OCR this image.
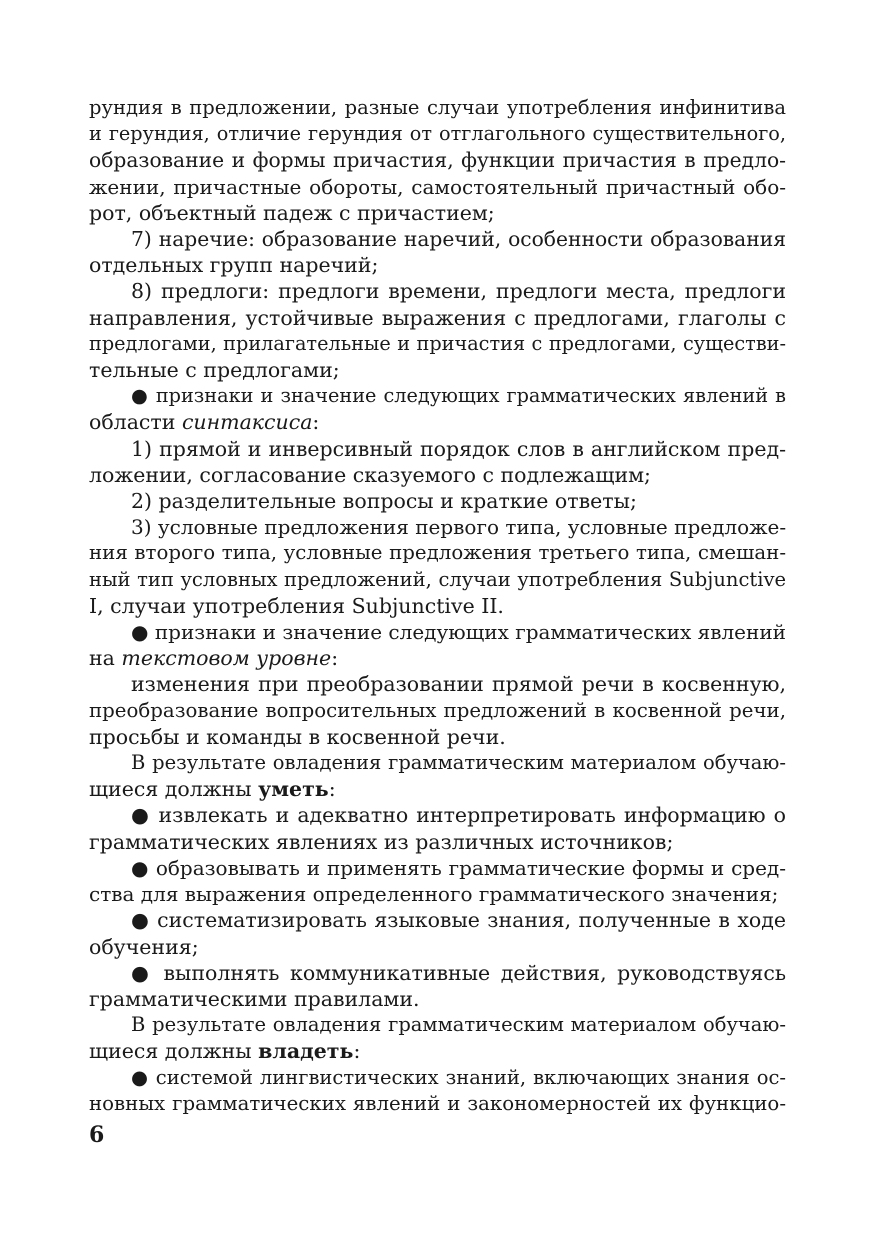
рундия в предложении, разные случаи употребления инфинитива
и герундия, отличие герундия от отглагольного существительного,
образование и формы причастия, функции причастия в предло-
жении, причастные обороты, самостоятельный причастный обо-
рот, объектный падеж с причастием;
7) наречие: образование наречий, особенности образования
отдельных групп наречий;
8) предлоги: предлоги времени, предлоги места, предлоги
направления, устойчивые выражения с предлогами, глаголы с
предлогами, прилагательные и причастия с предлогами, существи-
тельные с предлогами;
● признаки и значение следующих грамматических явлений в
области синтаксиса:
1) прямой и инверсивный порядок слов в английском пред-
ложении, согласование сказуемого с подлежащим;
2) разделительные вопросы и краткие ответы;
3) условные предложения первого типа, условные предложе-
ния второго типа, условные предложения третьего типа, смешан-
ный тип условных предложений, случаи употребления Subjunctive
I, случаи употребления Subjunctive II.
● признаки и значение следующих грамматических явлений
на текстовом уровне:
изменения при преобразовании прямой речи в косвенную,
преобразование вопросительных предложений в косвенной речи,
просьбы и команды в косвенной речи.
В результате овладения грамматическим материалом обучаю-
щиеся должны уметь:
● извлекать и адекватно интерпретировать информацию о
грамматических явлениях из различных источников;
● образовывать и применять грамматические формы и сред-
ства для выражения определенного грамматического значения;
● систематизировать языковые знания, полученные в ходе
обучения;
● выполнять коммуникативные действия, руководствуясь
грамматическими правилами.
В результате овладения грамматическим материалом обучаю-
щиеся должны владеть:
● системой лингвистических знаний, включающих знания ос-
новных грамматических явлений и закономерностей их функцио-
6
